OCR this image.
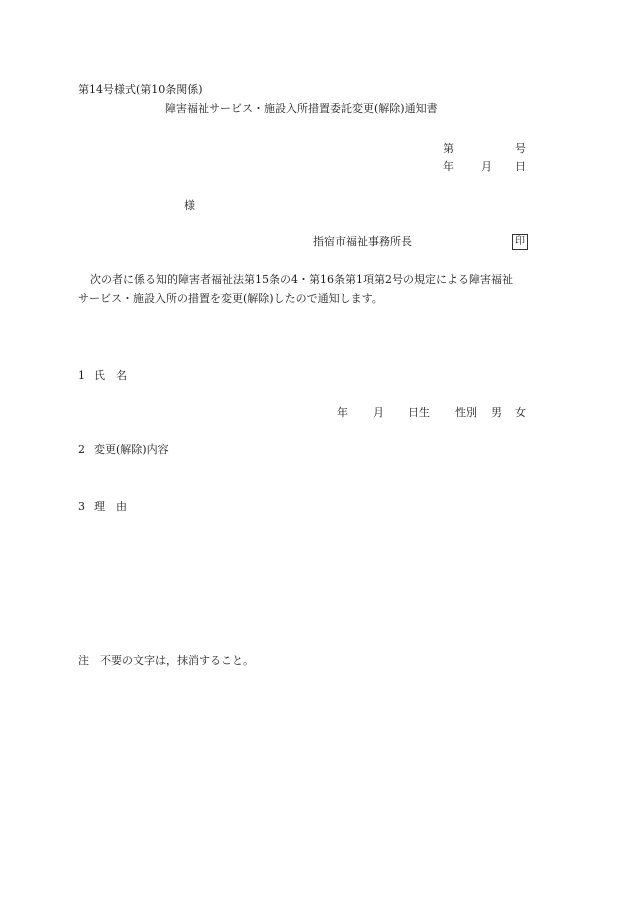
第14号様式(第10条関係)
障害福祉サービス・施設入所措置委託変更(解除)通知書
第	号
年 月 日
様
指宿市福祉事務所長	印
次の者に係る知的障害者福祉法第15条の4・第16条第1項第2号の規定による障害福祉
サービス・施設入所の措置を変更(解除)したので通知します。
1 氏　名
年 月 日生 性別 男 女
2 変更(解除)内容
3 理　由
注　不要の文字は，抹消すること。
